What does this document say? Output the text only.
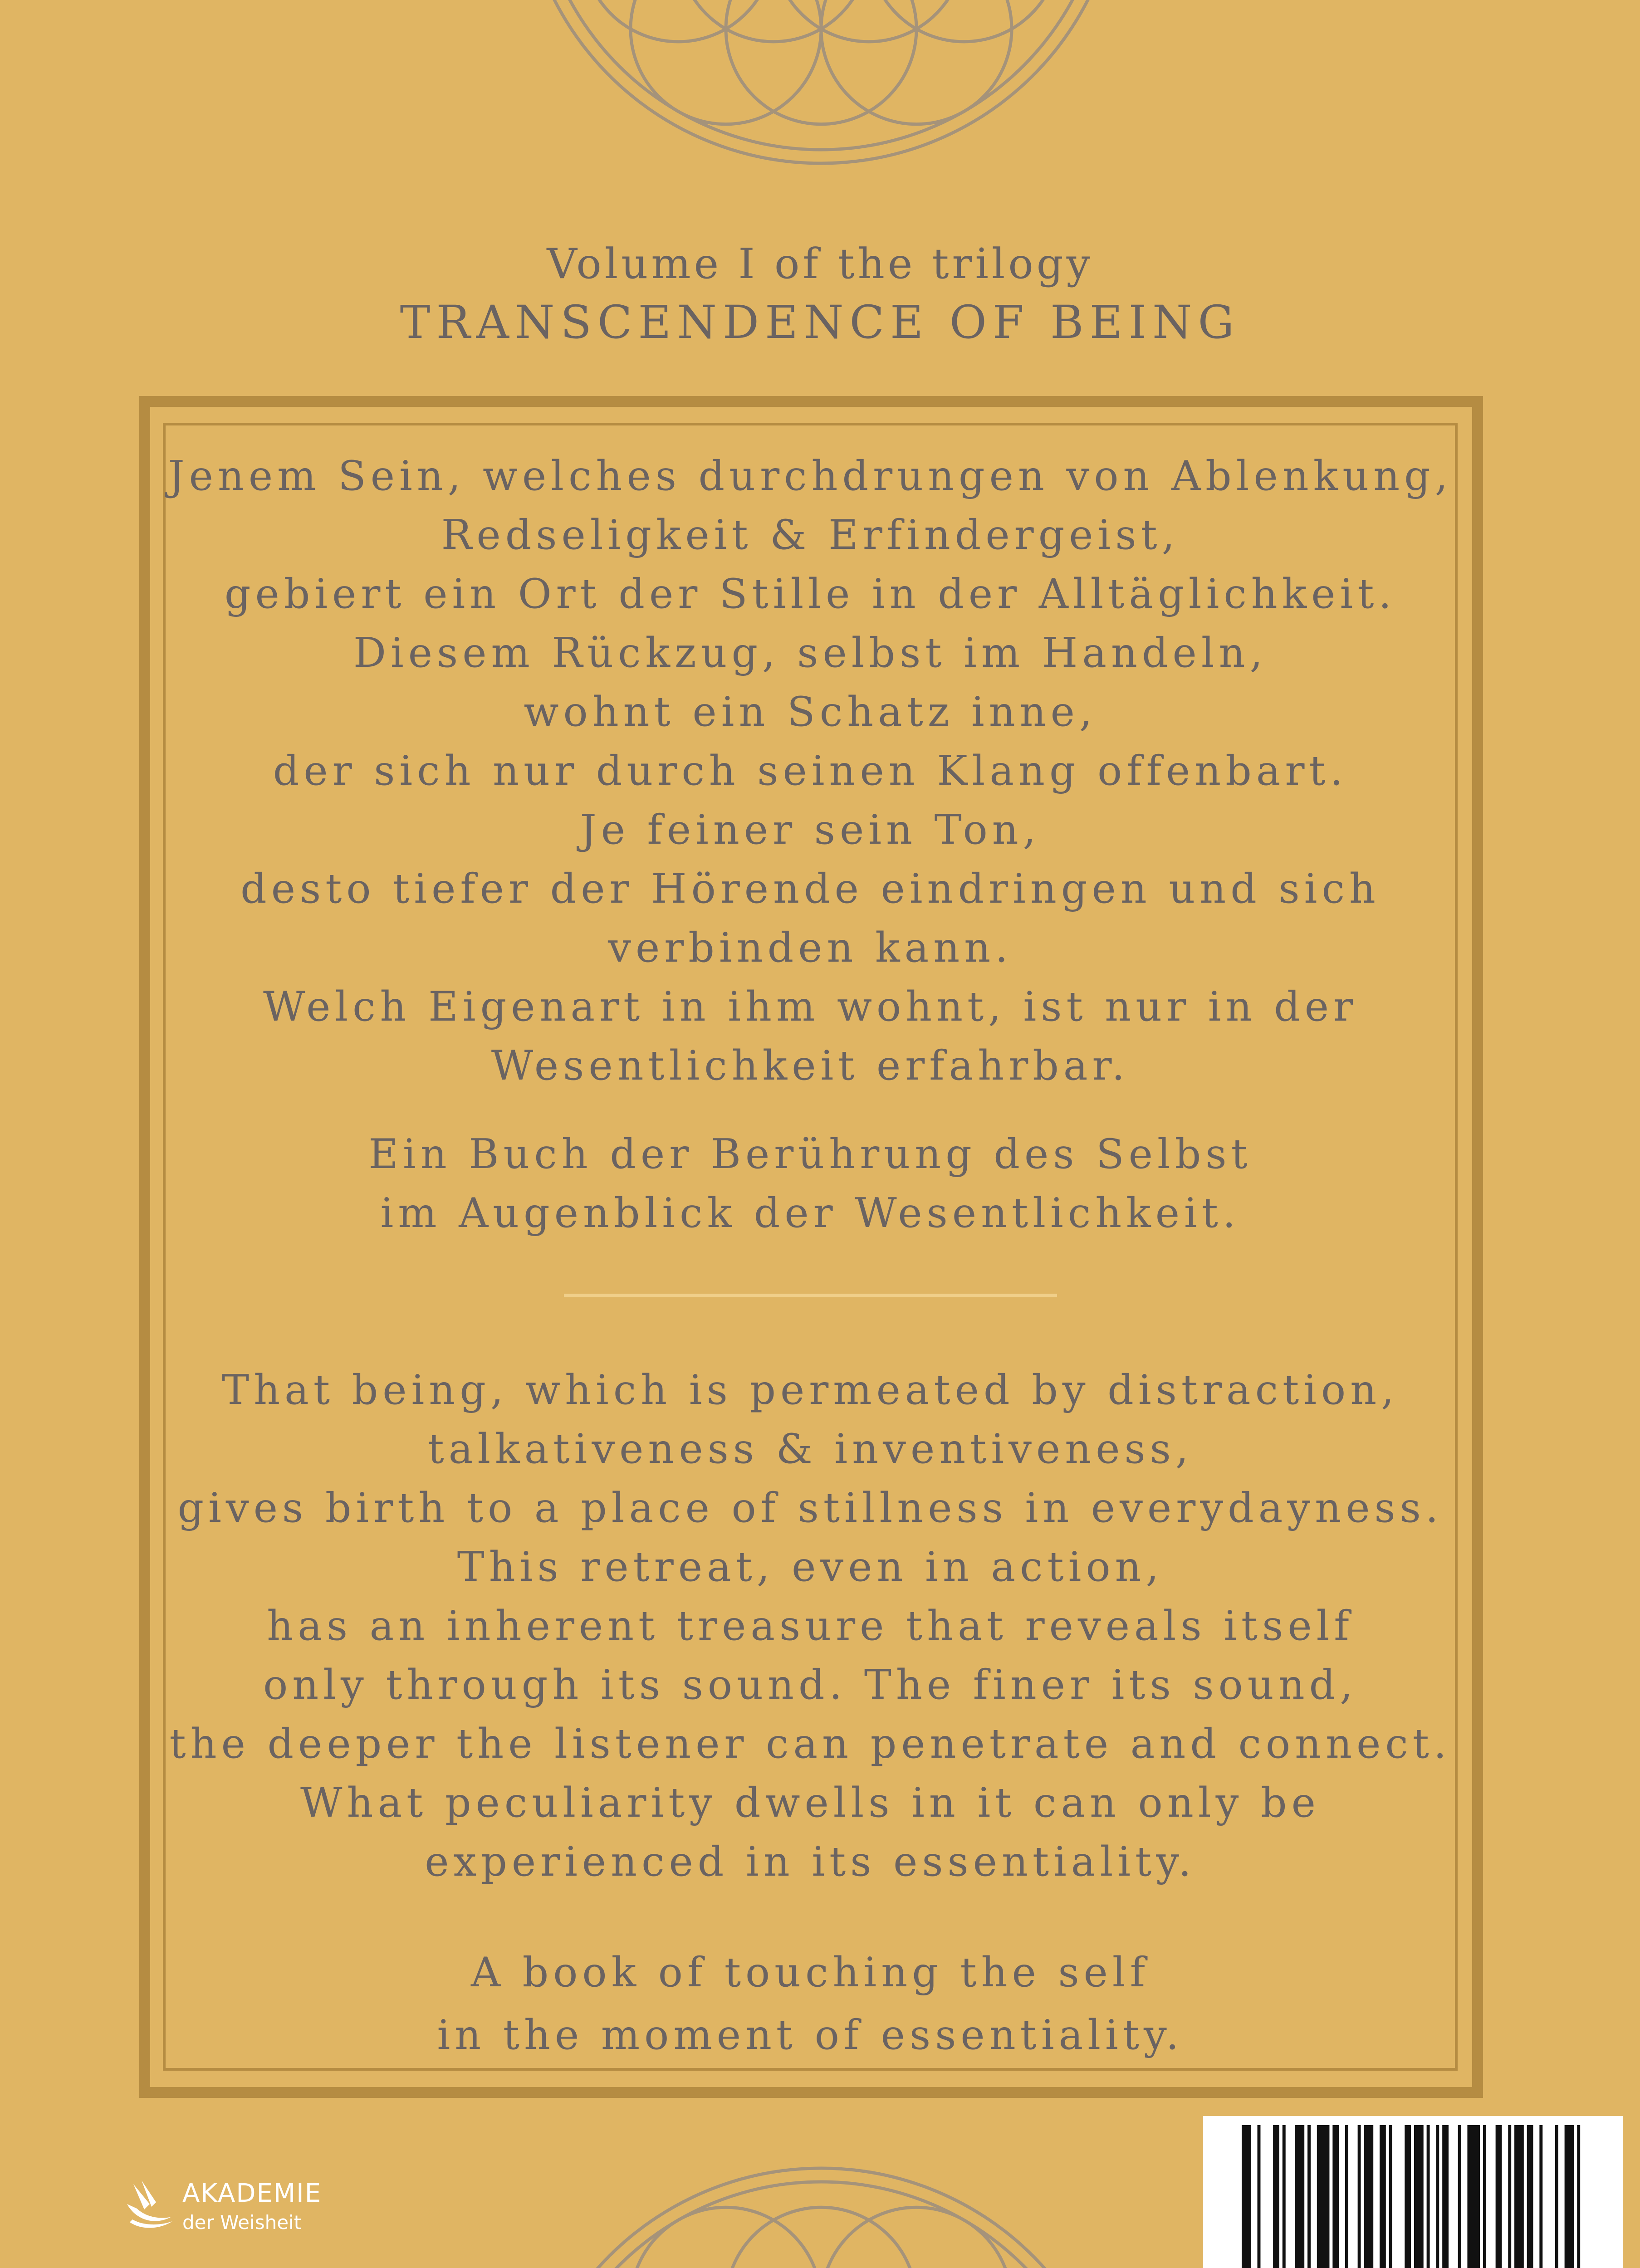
Volume I of the trilogy
TRANSCENDENCE OF BEING
Jenem Sein, welches durchdrungen von Ablenkung,
Redseligkeit & Erfindergeist,
gebiert ein Ort der Stille in der Alltäglichkeit.
Diesem Rückzug, selbst im Handeln,
wohnt ein Schatz inne,
der sich nur durch seinen Klang offenbart.
Je feiner sein Ton,
desto tiefer der Hörende eindringen und sich
verbinden kann.
Welch Eigenart in ihm wohnt, ist nur in der
Wesentlichkeit erfahrbar.
Ein Buch der Berührung des Selbst
im Augenblick der Wesentlichkeit.
That being, which is permeated by distraction,
talkativeness & inventiveness,
gives birth to a place of stillness in everydayness.
This retreat, even in action,
has an inherent treasure that reveals itself
only through its sound. The finer its sound,
the deeper the listener can penetrate and connect.
What peculiarity dwells in it can only be
experienced in its essentiality.
A book of touching the self
in the moment of essentiality.
AKADEMIE
der Weisheit
